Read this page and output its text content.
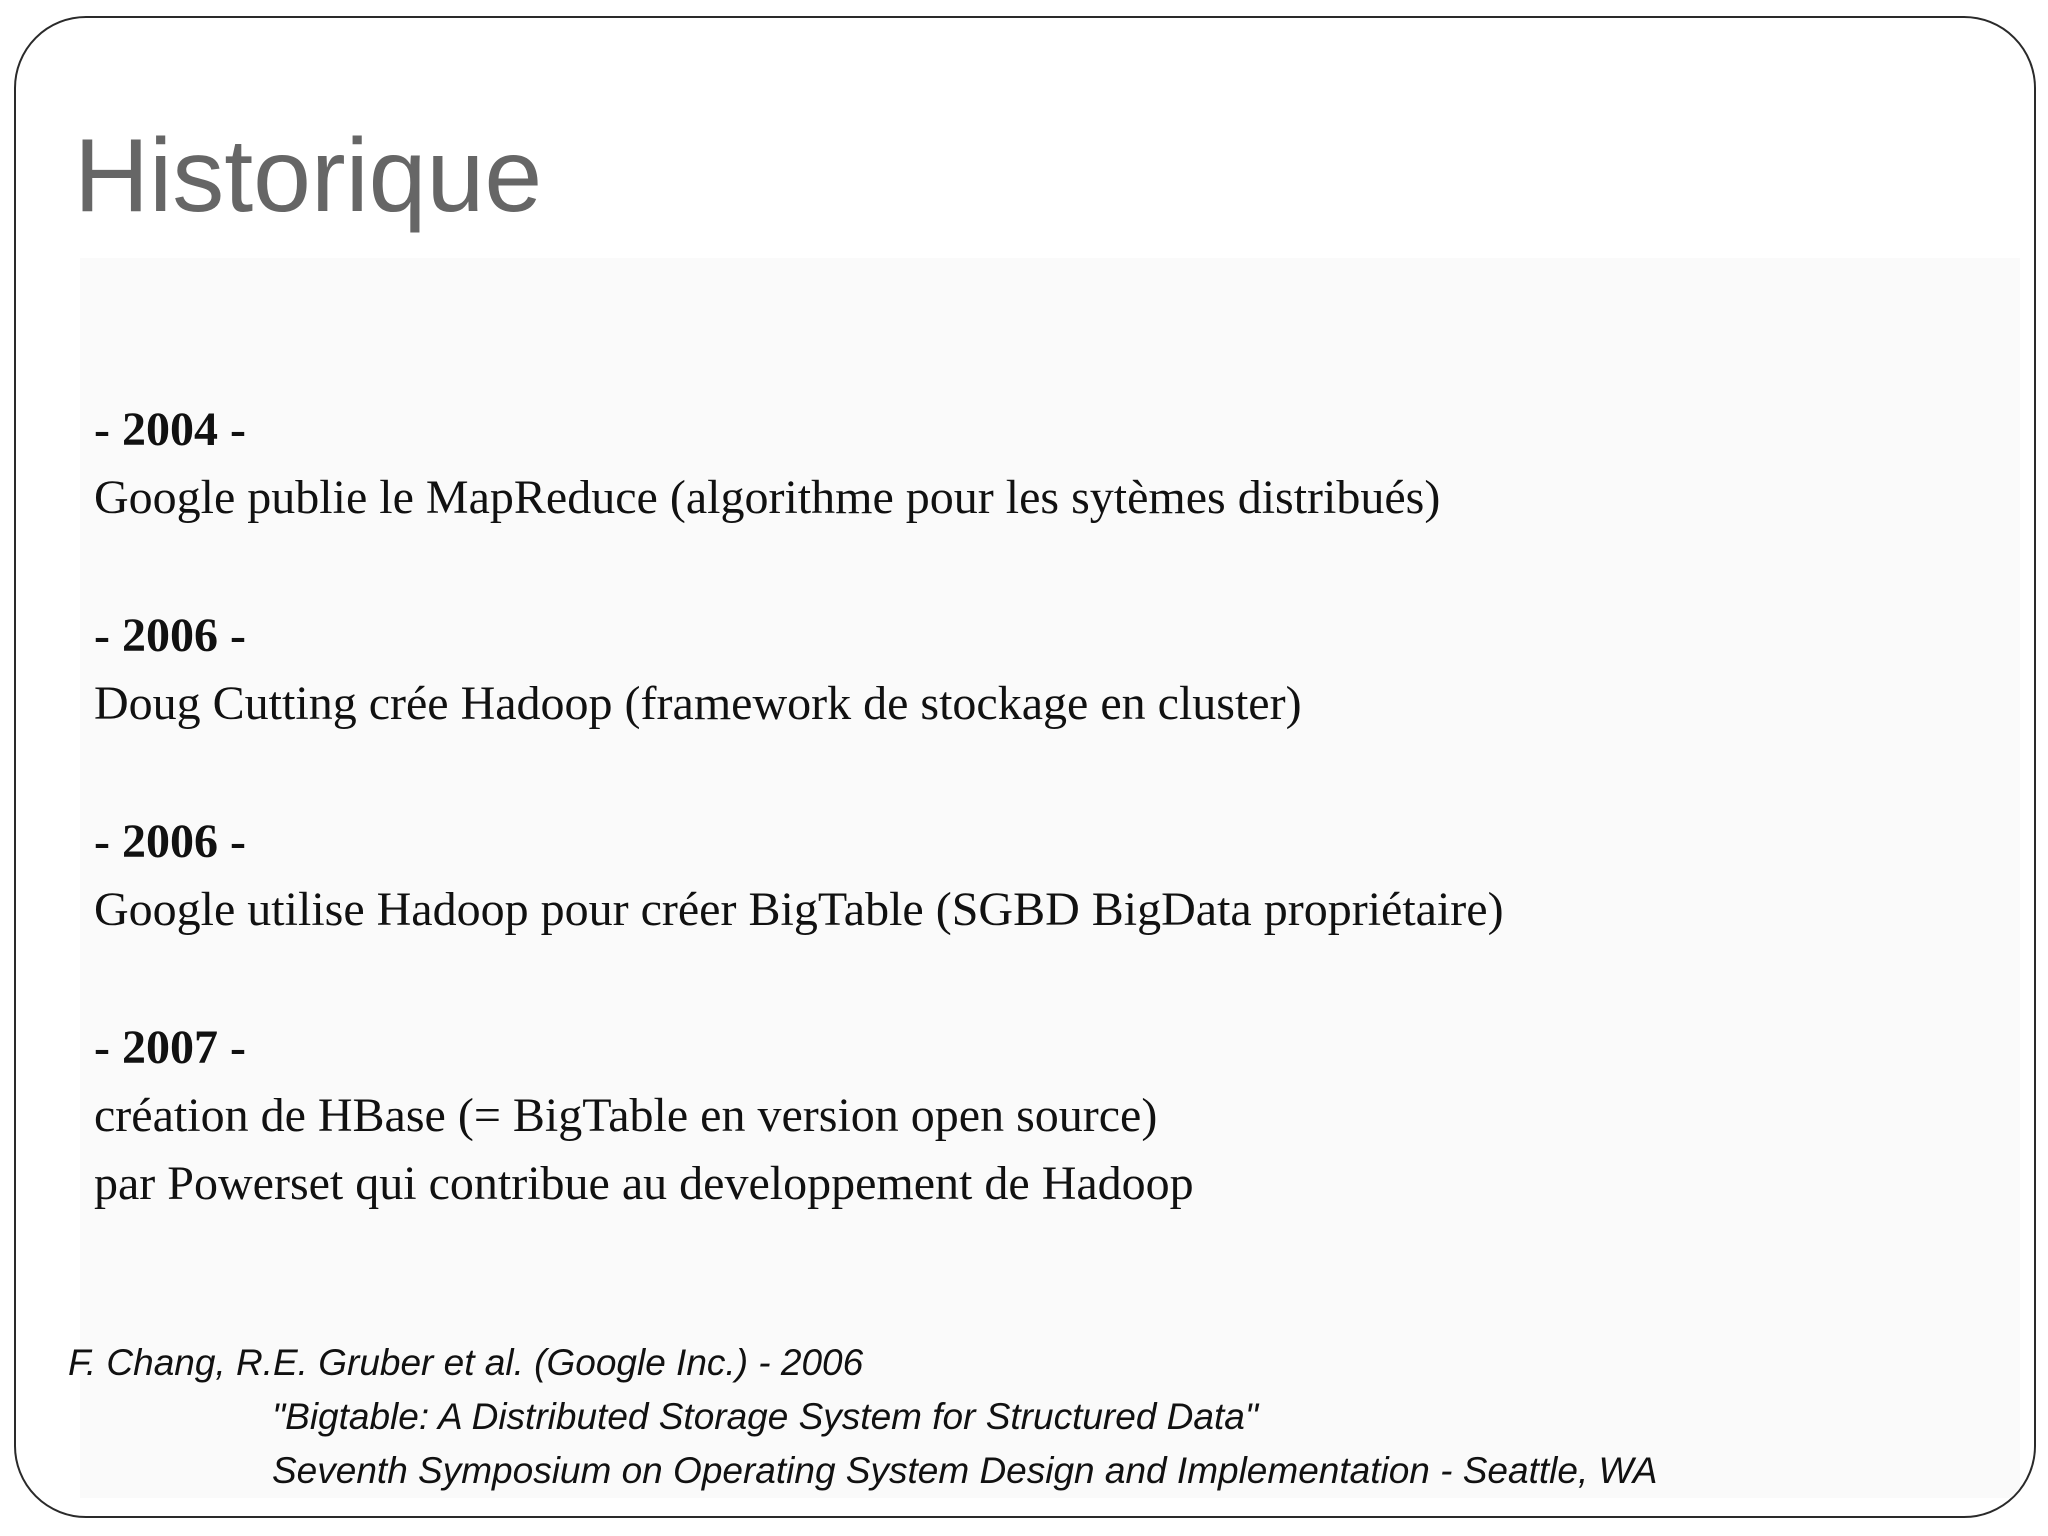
Historique

- 2004 -

Google publie le MapReduce (algorithme pour les sytèmes distribués)

- 2006 -

Doug Cutting crée Hadoop (framework de stockage en cluster)

- 2006 -

Google utilise Hadoop pour créer BigTable (SGBD BigData propriétaire)

- 2007 -

création de HBase (= BigTable en version open source)

par Powerset qui contribue au developpement de Hadoop

F. Chang, R.E. Gruber et al. (Google Inc.) - 2006

"Bigtable: A Distributed Storage System for Structured Data"

Seventh Symposium on Operating System Design and Implementation - Seattle, WA
